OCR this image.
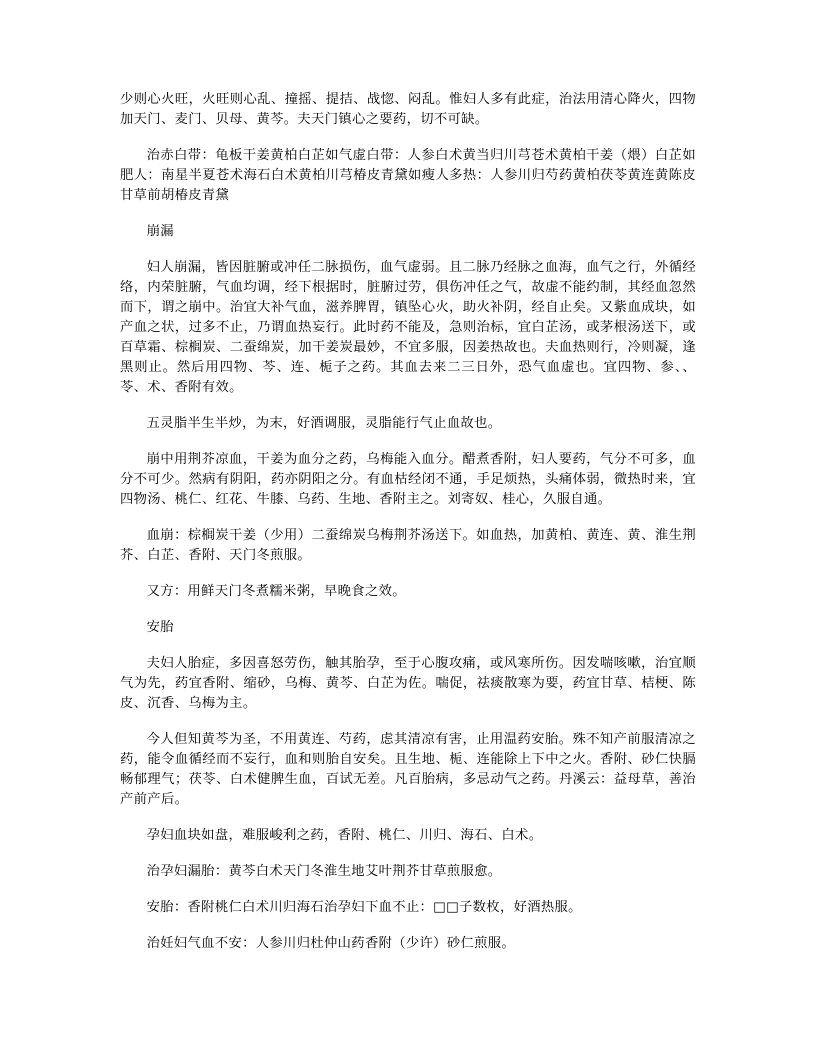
少则心火旺，火旺则心乱、撞摇、提拮、战惚、闷乱。惟妇人多有此症，治法用清心降火，四物加天门、麦门、贝母、黄芩。夫天门镇心之要药，切不可缺。

治赤白带：龟板干姜黄柏白芷如气虚白带：人参白术黄当归川芎苍术黄柏干姜（煨）白芷如肥人：南星半夏苍术海石白术黄柏川芎椿皮青黛如瘦人多热：人参川归芍药黄柏茯苓黄连黄陈皮甘草前胡椿皮青黛

崩漏

妇人崩漏，皆因脏腑或冲任二脉损伤，血气虚弱。且二脉乃经脉之血海，血气之行，外循经络，内荣脏腑，气血均调，经下根据时，脏腑过劳，俱伤冲任之气，故虚不能约制，其经血忽然而下，谓之崩中。治宜大补气血，滋养脾胃，镇坠心火，助火补阴，经自止矣。又紫血成块，如产血之状，过多不止，乃谓血热妄行。此时药不能及，急则治标，宜白芷汤，或茅根汤送下，或百草霜、棕榈炭、二蚕绵炭，加干姜炭最妙，不宜多服，因姜热故也。夫血热则行，冷则凝，逢黑则止。然后用四物、芩、连、栀子之药。其血去来二三日外，恐气血虚也。宜四物、参、、苓、术、香附有效。

五灵脂半生半炒，为末，好酒调服，灵脂能行气止血故也。

崩中用荆芥凉血，干姜为血分之药，乌梅能入血分。醋煮香附，妇人要药，气分不可多，血分不可少。然病有阴阳，药亦阴阳之分。有血枯经闭不通，手足烦热，头痛体弱，微热时来，宜四物汤、桃仁、红花、牛膝、乌药、生地、香附主之。刘寄奴、桂心，久服自通。

血崩：棕榈炭干姜（少用）二蚕绵炭乌梅荆芥汤送下。如血热，加黄柏、黄连、黄、淮生荆芥、白芷、香附、天门冬煎服。

又方：用鲜天门冬煮糯米粥，早晚食之效。

安胎

夫妇人胎症，多因喜怒劳伤，触其胎孕，至于心腹攻痛，或风寒所伤。因发喘咳嗽，治宜顺气为先，药宜香附、缩砂，乌梅、黄芩、白芷为佐。喘促，祛痰散寒为要，药宜甘草、桔梗、陈皮、沉香、乌梅为主。

今人但知黄芩为圣，不用黄连、芍药，虑其清凉有害，止用温药安胎。殊不知产前服清凉之药，能令血循经而不妄行，血和则胎自安矣。且生地、栀、连能除上下中之火。香附、砂仁快膈畅郁理气；茯苓、白术健脾生血，百试无差。凡百胎病，多忌动气之药。丹溪云：益母草，善治产前产后。

孕妇血块如盘，难服峻利之药，香附、桃仁、川归、海石、白术。

治孕妇漏胎：黄芩白术天门冬淮生地艾叶荆芥甘草煎服愈。

安胎：香附桃仁白术川归海石治孕妇下血不止：□□子数枚，好酒热服。

治妊妇气血不安：人参川归杜仲山药香附（少许）砂仁煎服。
